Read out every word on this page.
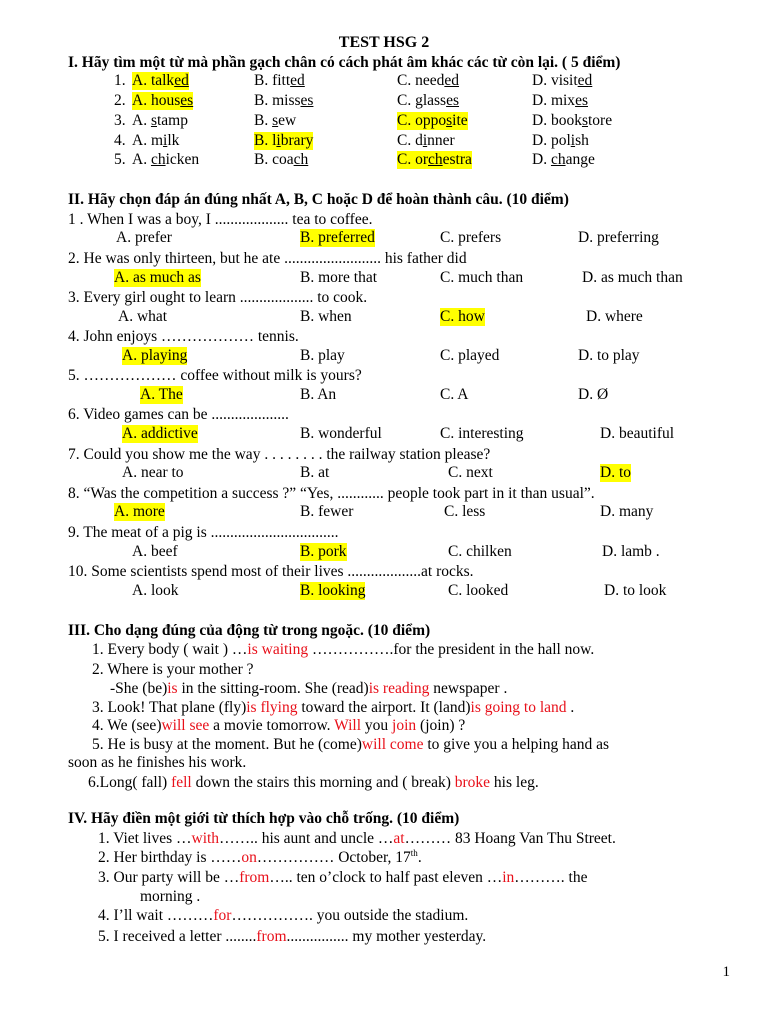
TEST HSG 2
I. Hãy tìm một từ mà phần gạch chân có cách phát âm khác các từ còn lại. ( 5 điểm)
1. A. talked	B. fitted	C. needed	D. visited
2. A. houses	B. misses	C. glasses	D. mixes
3. A. stamp	B. sew	C. opposite	D. bookstore
4. A. milk	B. library	C. dinner	D. polish
5. A. chicken	B. coach	C. orchestra	D. change
II. Hãy chọn đáp án đúng nhất A, B, C hoặc D để hoàn thành câu. (10 điểm)
1 . When I was a boy, I ................... tea to coffee.
A. prefer	B. preferred	C. prefers	D. preferring
2. He was only thirteen, but he ate ......................... his father did
A. as much as	B. more that	C. much than	D. as much than
3. Every girl ought to learn ................... to cook.
A. what	B. when	C. how	D. where
4. John enjoys ……………… tennis.
A. playing	B. play	C. played	D. to play
5. ……………… coffee without milk is yours?
A. The	B. An	C. A	D. Ø
6. Video games can be ....................
A. addictive	B. wonderful	C. interesting	D. beautiful
7. Could you show me the way . . . . . . . . the railway station please?
A. near to	B. at	C. next	D. to
8. “Was the competition a success ?” “Yes, ............ people took part in it than usual”.
A. more	B. fewer	C. less	D. many
9. The meat of a pig is .................................
A. beef	B. pork	C. chilken	D. lamb .
10. Some scientists spend most of their lives ...................at rocks.
A. look	B. looking	C. looked	D. to look
III. Cho dạng đúng của động từ trong ngoặc. (10 điểm)
1. Every body ( wait ) …is waiting …………….for the president in the hall now.
2. Where is your mother ?
-She (be)is in the sitting-room. She (read)is reading newspaper .
3. Look! That plane (fly)is flying toward the airport. It (land)is going to land .
4. We (see)will see a movie tomorrow. Will you join (join) ?
5. He is busy at the moment. But he (come)will come to give you a helping hand as
soon as he finishes his work.
6.Long( fall) fell down the stairs this morning and ( break) broke his leg.
IV. Hãy điền một giới từ thích hợp vào chỗ trống. (10 điểm)
1. Viet lives …with…….. his aunt and uncle …at……… 83 Hoang Van Thu Street.
2. Her birthday is ……on…………… October, 17th.
3. Our party will be …from….. ten o’clock to half past eleven …in………. the
morning .
4. I’ll wait ………for……………. you outside the stadium.
5. I received a letter ........from................ my mother yesterday.
1
